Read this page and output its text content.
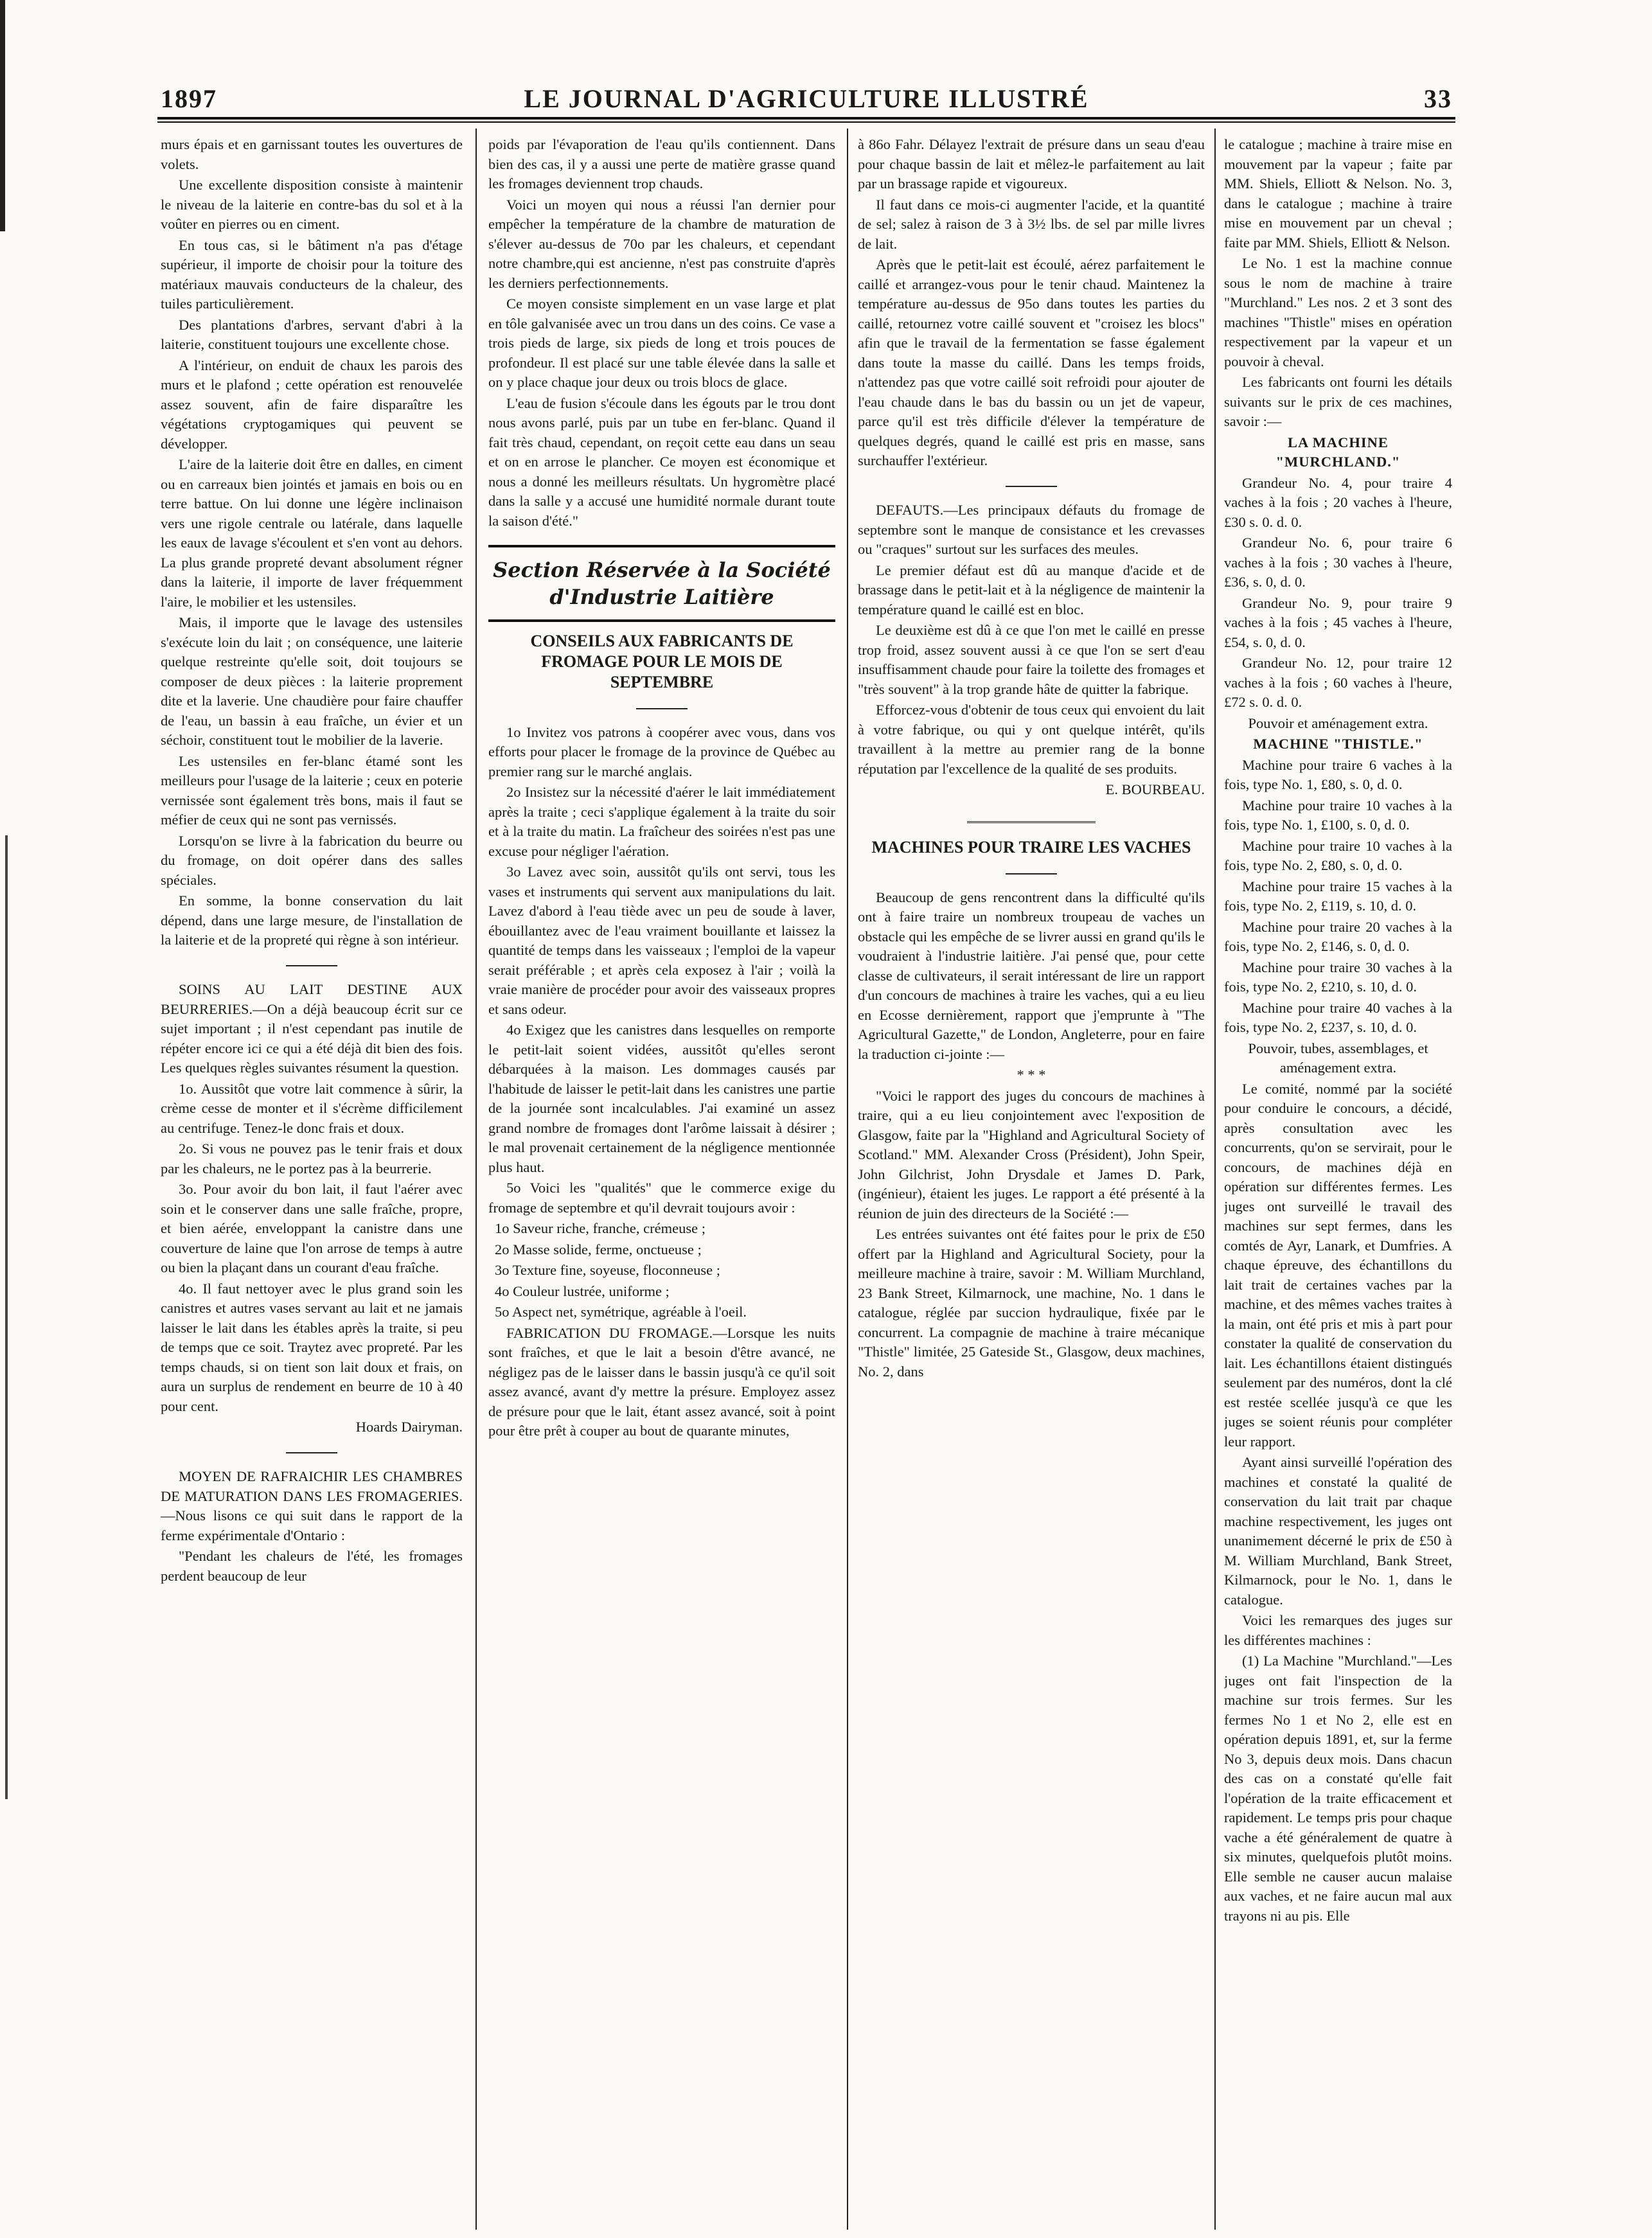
1897	LE JOURNAL D'AGRICULTURE ILLUSTRÉ	33

murs épais et en garnissant toutes les ouvertures de volets.

Une excellente disposition consiste à maintenir le niveau de la laiterie en contre-bas du sol et à la voûter en pierres ou en ciment.

En tous cas, si le bâtiment n'a pas d'étage supérieur, il importe de choisir pour la toiture des matériaux mauvais conducteurs de la chaleur, des tuiles particulièrement.

Des plantations d'arbres, servant d'abri à la laiterie, constituent toujours une excellente chose.

A l'intérieur, on enduit de chaux les parois des murs et le plafond ; cette opération est renouvelée assez souvent, afin de faire disparaître les végétations cryptogamiques qui peuvent se développer.

L'aire de la laiterie doit être en dalles, en ciment ou en carreaux bien jointés et jamais en bois ou en terre battue. On lui donne une légère inclinaison vers une rigole centrale ou latérale, dans laquelle les eaux de lavage s'écoulent et s'en vont au dehors. La plus grande propreté devant absolument régner dans la laiterie, il importe de laver fréquemment l'aire, le mobilier et les ustensiles.

Mais, il importe que le lavage des ustensiles s'exécute loin du lait ; on conséquence, une laiterie quelque restreinte qu'elle soit, doit toujours se composer de deux pièces : la laiterie proprement dite et la laverie. Une chaudière pour faire chauffer de l'eau, un bassin à eau fraîche, un évier et un séchoir, constituent tout le mobilier de la laverie.

Les ustensiles en fer-blanc étamé sont les meilleurs pour l'usage de la laiterie ; ceux en poterie vernissée sont également très bons, mais il faut se méfier de ceux qui ne sont pas vernissés.

Lorsqu'on se livre à la fabrication du beurre ou du fromage, on doit opérer dans des salles spéciales.

En somme, la bonne conservation du lait dépend, dans une large mesure, de l'installation de la laiterie et de la propreté qui règne à son intérieur.

SOINS AU LAIT DESTINE AUX BEURRERIES.—On a déjà beaucoup écrit sur ce sujet important ; il n'est cependant pas inutile de répéter encore ici ce qui a été déjà dit bien des fois. Les quelques règles suivantes résument la question.

1o. Aussitôt que votre lait commence à sûrir, la crème cesse de monter et il s'écrème difficilement au centrifuge. Tenez-le donc frais et doux.

2o. Si vous ne pouvez pas le tenir frais et doux par les chaleurs, ne le portez pas à la beurrerie.

3o. Pour avoir du bon lait, il faut l'aérer avec soin et le conserver dans une salle fraîche, propre, et bien aérée, enveloppant la canistre dans une couverture de laine que l'on arrose de temps à autre ou bien la plaçant dans un courant d'eau fraîche.

4o. Il faut nettoyer avec le plus grand soin les canistres et autres vases servant au lait et ne jamais laisser le lait dans les étables après la traite, si peu de temps que ce soit. Traytez avec propreté. Par les temps chauds, si on tient son lait doux et frais, on aura un surplus de rendement en beurre de 10 à 40 pour cent.

Hoards Dairyman.

MOYEN DE RAFRAICHIR LES CHAMBRES DE MATURATION DANS LES FROMAGERIES.—Nous lisons ce qui suit dans le rapport de la ferme expérimentale d'Ontario :

"Pendant les chaleurs de l'été, les fromages perdent beaucoup de leur

poids par l'évaporation de l'eau qu'ils contiennent. Dans bien des cas, il y a aussi une perte de matière grasse quand les fromages deviennent trop chauds.

Voici un moyen qui nous a réussi l'an dernier pour empêcher la température de la chambre de maturation de s'élever au-dessus de 70o par les chaleurs, et cependant notre chambre,qui est ancienne, n'est pas construite d'après les derniers perfectionnements.

Ce moyen consiste simplement en un vase large et plat en tôle galvanisée avec un trou dans un des coins. Ce vase a trois pieds de large, six pieds de long et trois pouces de profondeur. Il est placé sur une table élevée dans la salle et on y place chaque jour deux ou trois blocs de glace.

L'eau de fusion s'écoule dans les égouts par le trou dont nous avons parlé, puis par un tube en fer-blanc. Quand il fait très chaud, cependant, on reçoit cette eau dans un seau et on en arrose le plancher. Ce moyen est économique et nous a donné les meilleurs résultats. Un hygromètre placé dans la salle y a accusé une humidité normale durant toute la saison d'été."

Section Réservée à la Société d'Industrie Laitière
CONSEILS AUX FABRICANTS DE FROMAGE POUR LE MOIS DE SEPTEMBRE

1o Invitez vos patrons à coopérer avec vous, dans vos efforts pour placer le fromage de la province de Québec au premier rang sur le marché anglais.

2o Insistez sur la nécessité d'aérer le lait immédiatement après la traite ; ceci s'applique également à la traite du soir et à la traite du matin. La fraîcheur des soirées n'est pas une excuse pour négliger l'aération.

3o Lavez avec soin, aussitôt qu'ils ont servi, tous les vases et instruments qui servent aux manipulations du lait. Lavez d'abord à l'eau tiède avec un peu de soude à laver, ébouillantez avec de l'eau vraiment bouillante et laissez la quantité de temps dans les vaisseaux ; l'emploi de la vapeur serait préférable ; et après cela exposez à l'air ; voilà la vraie manière de procéder pour avoir des vaisseaux propres et sans odeur.

4o Exigez que les canistres dans lesquelles on remporte le petit-lait soient vidées, aussitôt qu'elles seront débarquées à la maison. Les dommages causés par l'habitude de laisser le petit-lait dans les canistres une partie de la journée sont incalculables. J'ai examiné un assez grand nombre de fromages dont l'arôme laissait à désirer ; le mal provenait certainement de la négligence mentionnée plus haut.

5o Voici les "qualités" que le commerce exige du fromage de septembre et qu'il devrait toujours avoir :

1o Saveur riche, franche, crémeuse ;

2o Masse solide, ferme, onctueuse ;

3o Texture fine, soyeuse, floconneuse ;

4o Couleur lustrée, uniforme ;

5o Aspect net, symétrique, agréable à l'oeil.

FABRICATION DU FROMAGE.—Lorsque les nuits sont fraîches, et que le lait a besoin d'être avancé, ne négligez pas de le laisser dans le bassin jusqu'à ce qu'il soit assez avancé, avant d'y mettre la présure. Employez assez de présure pour que le lait, étant assez avancé, soit à point pour être prêt à couper au bout de quarante minutes,

à 86o Fahr. Délayez l'extrait de présure dans un seau d'eau pour chaque bassin de lait et mêlez-le parfaitement au lait par un brassage rapide et vigoureux.

Il faut dans ce mois-ci augmenter l'acide, et la quantité de sel; salez à raison de 3 à 3½ lbs. de sel par mille livres de lait.

Après que le petit-lait est écoulé, aérez parfaitement le caillé et arrangez-vous pour le tenir chaud. Maintenez la température au-dessus de 95o dans toutes les parties du caillé, retournez votre caillé souvent et "croisez les blocs" afin que le travail de la fermentation se fasse également dans toute la masse du caillé. Dans les temps froids, n'attendez pas que votre caillé soit refroidi pour ajouter de l'eau chaude dans le bas du bassin ou un jet de vapeur, parce qu'il est très difficile d'élever la température de quelques degrés, quand le caillé est pris en masse, sans surchauffer l'extérieur.

DEFAUTS.—Les principaux défauts du fromage de septembre sont le manque de consistance et les crevasses ou "craques" surtout sur les surfaces des meules.

Le premier défaut est dû au manque d'acide et de brassage dans le petit-lait et à la négligence de maintenir la température quand le caillé est en bloc.

Le deuxième est dû à ce que l'on met le caillé en presse trop froid, assez souvent aussi à ce que l'on se sert d'eau insuffisamment chaude pour faire la toilette des fromages et "très souvent" à la trop grande hâte de quitter la fabrique.

Efforcez-vous d'obtenir de tous ceux qui envoient du lait à votre fabrique, ou qui y ont quelque intérêt, qu'ils travaillent à la mettre au premier rang de la bonne réputation par l'excellence de la qualité de ses produits.

E. BOURBEAU.

MACHINES POUR TRAIRE LES VACHES

Beaucoup de gens rencontrent dans la difficulté qu'ils ont à faire traire un nombreux troupeau de vaches un obstacle qui les empêche de se livrer aussi en grand qu'ils le voudraient à l'industrie laitière. J'ai pensé que, pour cette classe de cultivateurs, il serait intéressant de lire un rapport d'un concours de machines à traire les vaches, qui a eu lieu en Ecosse dernièrement, rapport que j'emprunte à "The Agricultural Gazette," de London, Angleterre, pour en faire la traduction ci-jointe :—

* * *

"Voici le rapport des juges du concours de machines à traire, qui a eu lieu conjointement avec l'exposition de Glasgow, faite par la "Highland and Agricultural Society of Scotland." MM. Alexander Cross (Président), John Speir, John Gilchrist, John Drysdale et James D. Park, (ingénieur), étaient les juges. Le rapport a été présenté à la réunion de juin des directeurs de la Société :—

Les entrées suivantes ont été faites pour le prix de £50 offert par la Highland and Agricultural Society, pour la meilleure machine à traire, savoir : M. William Murchland, 23 Bank Street, Kilmarnock, une machine, No. 1 dans le catalogue, réglée par succion hydraulique, fixée par le concurrent. La compagnie de machine à traire mécanique "Thistle" limitée, 25 Gateside St., Glasgow, deux machines, No. 2, dans

le catalogue ; machine à traire mise en mouvement par la vapeur ; faite par MM. Shiels, Elliott & Nelson. No. 3, dans le catalogue ; machine à traire mise en mouvement par un cheval ; faite par MM. Shiels, Elliott & Nelson.

Le No. 1 est la machine connue sous le nom de machine à traire "Murchland." Les nos. 2 et 3 sont des machines "Thistle" mises en opération respectivement par la vapeur et un pouvoir à cheval.

Les fabricants ont fourni les détails suivants sur le prix de ces machines, savoir :—

LA MACHINE "MURCHLAND."

Grandeur No. 4, pour traire 4 vaches à la fois ; 20 vaches à l'heure, £30 s. 0. d. 0.

Grandeur No. 6, pour traire 6 vaches à la fois ; 30 vaches à l'heure, £36, s. 0, d. 0.

Grandeur No. 9, pour traire 9 vaches à la fois ; 45 vaches à l'heure, £54, s. 0, d. 0.

Grandeur No. 12, pour traire 12 vaches à la fois ; 60 vaches à l'heure, £72 s. 0. d. 0.

Pouvoir et aménagement extra.

MACHINE "THISTLE."

Machine pour traire 6 vaches à la fois, type No. 1, £80, s. 0, d. 0.

Machine pour traire 10 vaches à la fois, type No. 1, £100, s. 0, d. 0.

Machine pour traire 10 vaches à la fois, type No. 2, £80, s. 0, d. 0.

Machine pour traire 15 vaches à la fois, type No. 2, £119, s. 10, d. 0.

Machine pour traire 20 vaches à la fois, type No. 2, £146, s. 0, d. 0.

Machine pour traire 30 vaches à la fois, type No. 2, £210, s. 10, d. 0.

Machine pour traire 40 vaches à la fois, type No. 2, £237, s. 10, d. 0.

Pouvoir, tubes, assemblages, et aménagement extra.

Le comité, nommé par la société pour conduire le concours, a décidé, après consultation avec les concurrents, qu'on se servirait, pour le concours, de machines déjà en opération sur différentes fermes. Les juges ont surveillé le travail des machines sur sept fermes, dans les comtés de Ayr, Lanark, et Dumfries. A chaque épreuve, des échantillons du lait trait de certaines vaches par la machine, et des mêmes vaches traites à la main, ont été pris et mis à part pour constater la qualité de conservation du lait. Les échantillons étaient distingués seulement par des numéros, dont la clé est restée scellée jusqu'à ce que les juges se soient réunis pour compléter leur rapport.

Ayant ainsi surveillé l'opération des machines et constaté la qualité de conservation du lait trait par chaque machine respectivement, les juges ont unanimement décerné le prix de £50 à M. William Murchland, Bank Street, Kilmarnock, pour le No. 1, dans le catalogue.

Voici les remarques des juges sur les différentes machines :

(1) La Machine "Murchland."—Les juges ont fait l'inspection de la machine sur trois fermes. Sur les fermes No 1 et No 2, elle est en opération depuis 1891, et, sur la ferme No 3, depuis deux mois. Dans chacun des cas on a constaté qu'elle fait l'opération de la traite efficacement et rapidement. Le temps pris pour chaque vache a été généralement de quatre à six minutes, quelquefois plutôt moins. Elle semble ne causer aucun malaise aux vaches, et ne faire aucun mal aux trayons ni au pis. Elle
